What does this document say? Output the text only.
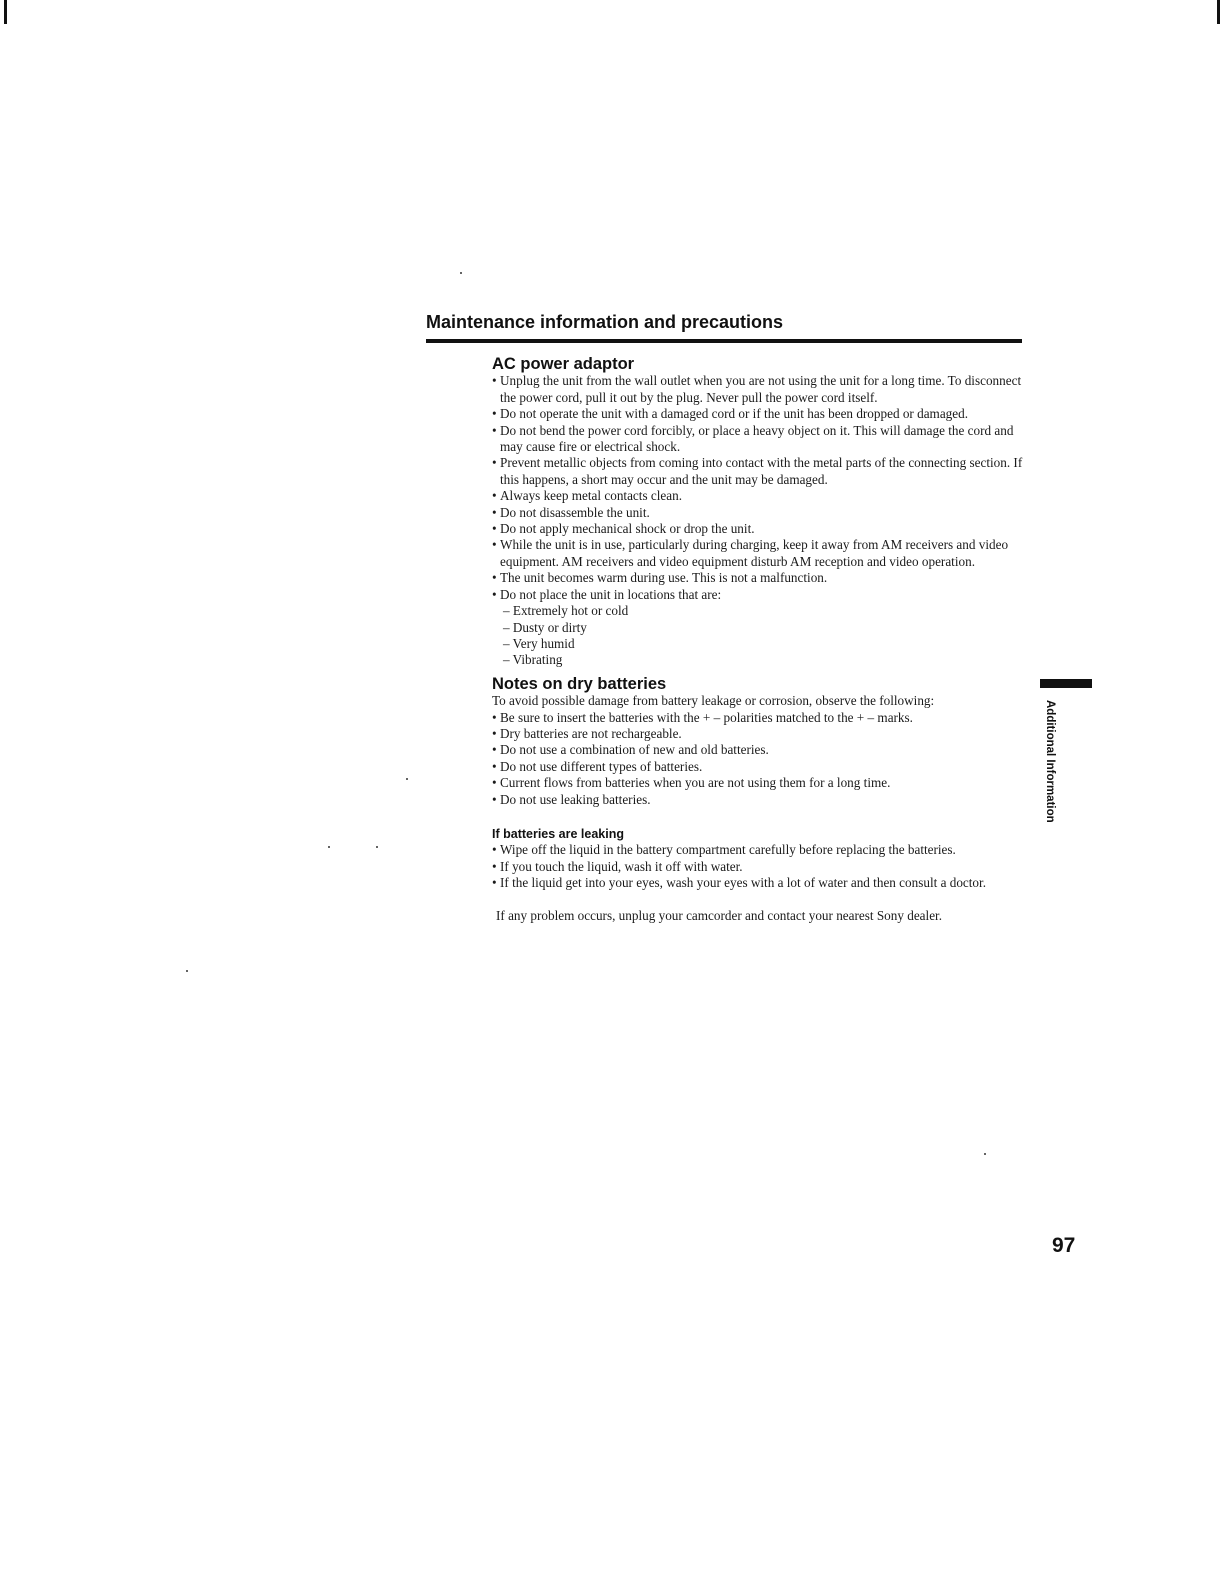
Maintenance information and precautions
AC power adaptor
• Unplug the unit from the wall outlet when you are not using the unit for a long time. To disconnect the power cord, pull it out by the plug. Never pull the power cord itself.
• Do not operate the unit with a damaged cord or if the unit has been dropped or damaged.
• Do not bend the power cord forcibly, or place a heavy object on it. This will damage the cord and may cause fire or electrical shock.
• Prevent metallic objects from coming into contact with the metal parts of the connecting section. If this happens, a short may occur and the unit may be damaged.
• Always keep metal contacts clean.
• Do not disassemble the unit.
• Do not apply mechanical shock or drop the unit.
• While the unit is in use, particularly during charging, keep it away from AM receivers and video equipment. AM receivers and video equipment disturb AM reception and video operation.
• The unit becomes warm during use. This is not a malfunction.
• Do not place the unit in locations that are:
– Extremely hot or cold
– Dusty or dirty
– Very humid
– Vibrating
Notes on dry batteries

To avoid possible damage from battery leakage or corrosion, observe the following:

• Be sure to insert the batteries with the + – polarities matched to the + – marks.
• Dry batteries are not rechargeable.
• Do not use a combination of new and old batteries.
• Do not use different types of batteries.
• Current flows from batteries when you are not using them for a long time.
• Do not use leaking batteries.
If batteries are leaking
• Wipe off the liquid in the battery compartment carefully before replacing the batteries.
• If you touch the liquid, wash it off with water.
• If the liquid get into your eyes, wash your eyes with a lot of water and then consult a doctor.

If any problem occurs, unplug your camcorder and contact your nearest Sony dealer.

Additional Information
97
